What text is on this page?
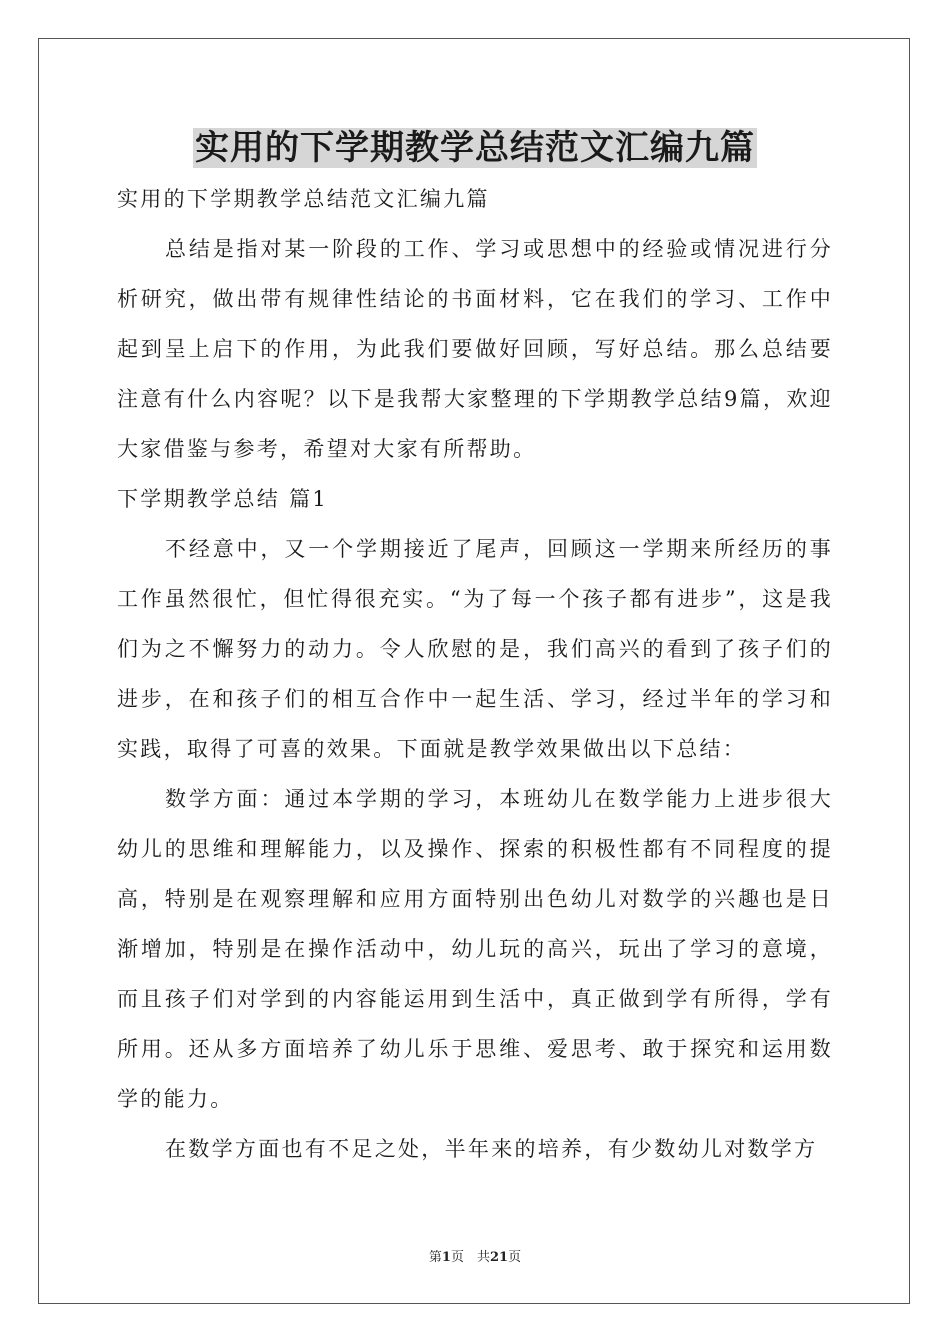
实用的下学期教学总结范文汇编九篇

实用的下学期教学总结范文汇编九篇

总结是指对某一阶段的工作、学习或思想中的经验或情况进行分析研究，做出带有规律性结论的书面材料，它在我们的学习、工作中起到呈上启下的作用，为此我们要做好回顾，写好总结。那么总结要注意有什么内容呢？以下是我帮大家整理的下学期教学总结9篇，欢迎大家借鉴与参考，希望对大家有所帮助。

下学期教学总结 篇1

不经意中，又一个学期接近了尾声，回顾这一学期来所经历的事工作虽然很忙，但忙得很充实。“为了每一个孩子都有进步”，这是我们为之不懈努力的动力。令人欣慰的是，我们高兴的看到了孩子们的进步，在和孩子们的相互合作中一起生活、学习，经过半年的学习和实践，取得了可喜的效果。下面就是教学效果做出以下总结：

数学方面：通过本学期的学习，本班幼儿在数学能力上进步很大幼儿的思维和理解能力，以及操作、探索的积极性都有不同程度的提高，特别是在观察理解和应用方面特别出色幼儿对数学的兴趣也是日渐增加，特别是在操作活动中，幼儿玩的高兴，玩出了学习的意境，而且孩子们对学到的内容能运用到生活中，真正做到学有所得，学有所用。还从多方面培养了幼儿乐于思维、爱思考、敢于探究和运用数学的能力。

在数学方面也有不足之处，半年来的培养，有少数幼儿对数学方

第1页　共21页
